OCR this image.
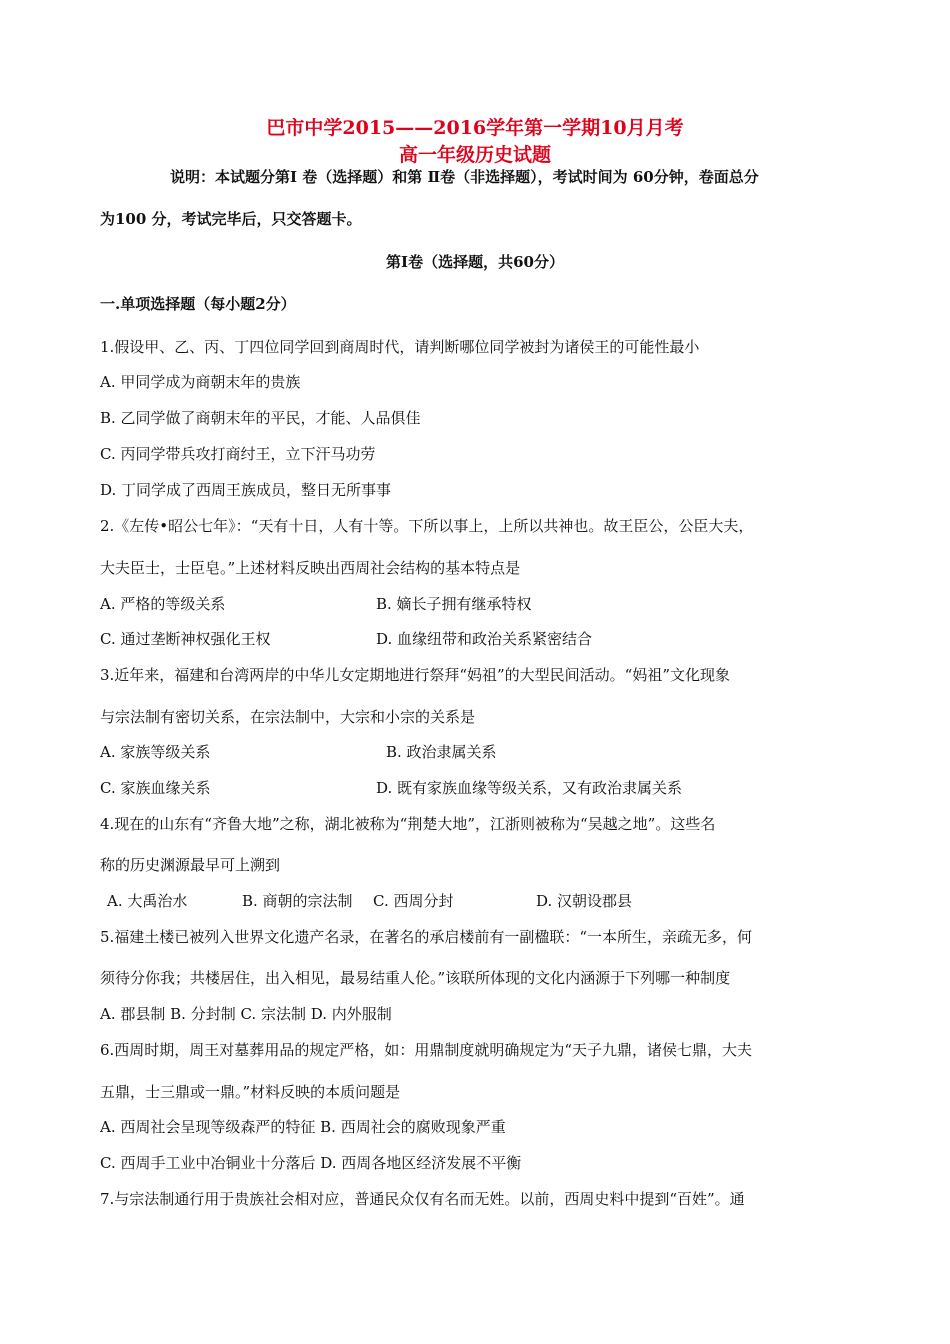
巴市中学2015——2016学年第一学期10月月考
高一年级历史试题
说明：本试题分第Ⅰ 卷（选择题）和第 Ⅱ卷（非选择题），考试时间为 60分钟，卷面总分
为100 分，考试完毕后，只交答题卡。
第Ⅰ卷（选择题，共60分）
一.单项选择题（每小题2分）
1.假设甲、乙、丙、丁四位同学回到商周时代，请判断哪位同学被封为诸侯王的可能性最小
A. 甲同学成为商朝末年的贵族
B. 乙同学做了商朝末年的平民，才能、人品俱佳
C. 丙同学带兵攻打商纣王，立下汗马功劳
D. 丁同学成了西周王族成员，整日无所事事
2.《左传•昭公七年》：“天有十日，人有十等。下所以事上，上所以共神也。故王臣公，公臣大夫，
大夫臣士，士臣皂。”上述材料反映出西周社会结构的基本特点是
A. 严格的等级关系	B. 嫡长子拥有继承特权
C. 通过垄断神权强化王权	D. 血缘纽带和政治关系紧密结合
3.近年来，福建和台湾两岸的中华儿女定期地进行祭拜“妈祖”的大型民间活动。“妈祖”文化现象
与宗法制有密切关系，在宗法制中，大宗和小宗的关系是
A. 家族等级关系	B. 政治隶属关系
C. 家族血缘关系	D. 既有家族血缘等级关系，又有政治隶属关系
4.现在的山东有“齐鲁大地”之称，湖北被称为“荆楚大地”，江浙则被称为“吴越之地”。这些名
称的历史渊源最早可上溯到
A. 大禹治水	B. 商朝的宗法制 C. 西周分封	D. 汉朝设郡县
5.福建土楼已被列入世界文化遗产名录，在著名的承启楼前有一副楹联：“一本所生，亲疏无多，何
须待分你我；共楼居住，出入相见，最易结重人伦。”该联所体现的文化内涵源于下列哪一种制度
A. 郡县制 B. 分封制 C. 宗法制 D. 内外服制
6.西周时期，周王对墓葬用品的规定严格，如：用鼎制度就明确规定为“天子九鼎，诸侯七鼎，大夫
五鼎，士三鼎或一鼎。”材料反映的本质问题是
A. 西周社会呈现等级森严的特征 B. 西周社会的腐败现象严重
C. 西周手工业中冶铜业十分落后 D. 西周各地区经济发展不平衡
7.与宗法制通行用于贵族社会相对应，普通民众仅有名而无姓。以前，西周史料中提到“百姓”。通
